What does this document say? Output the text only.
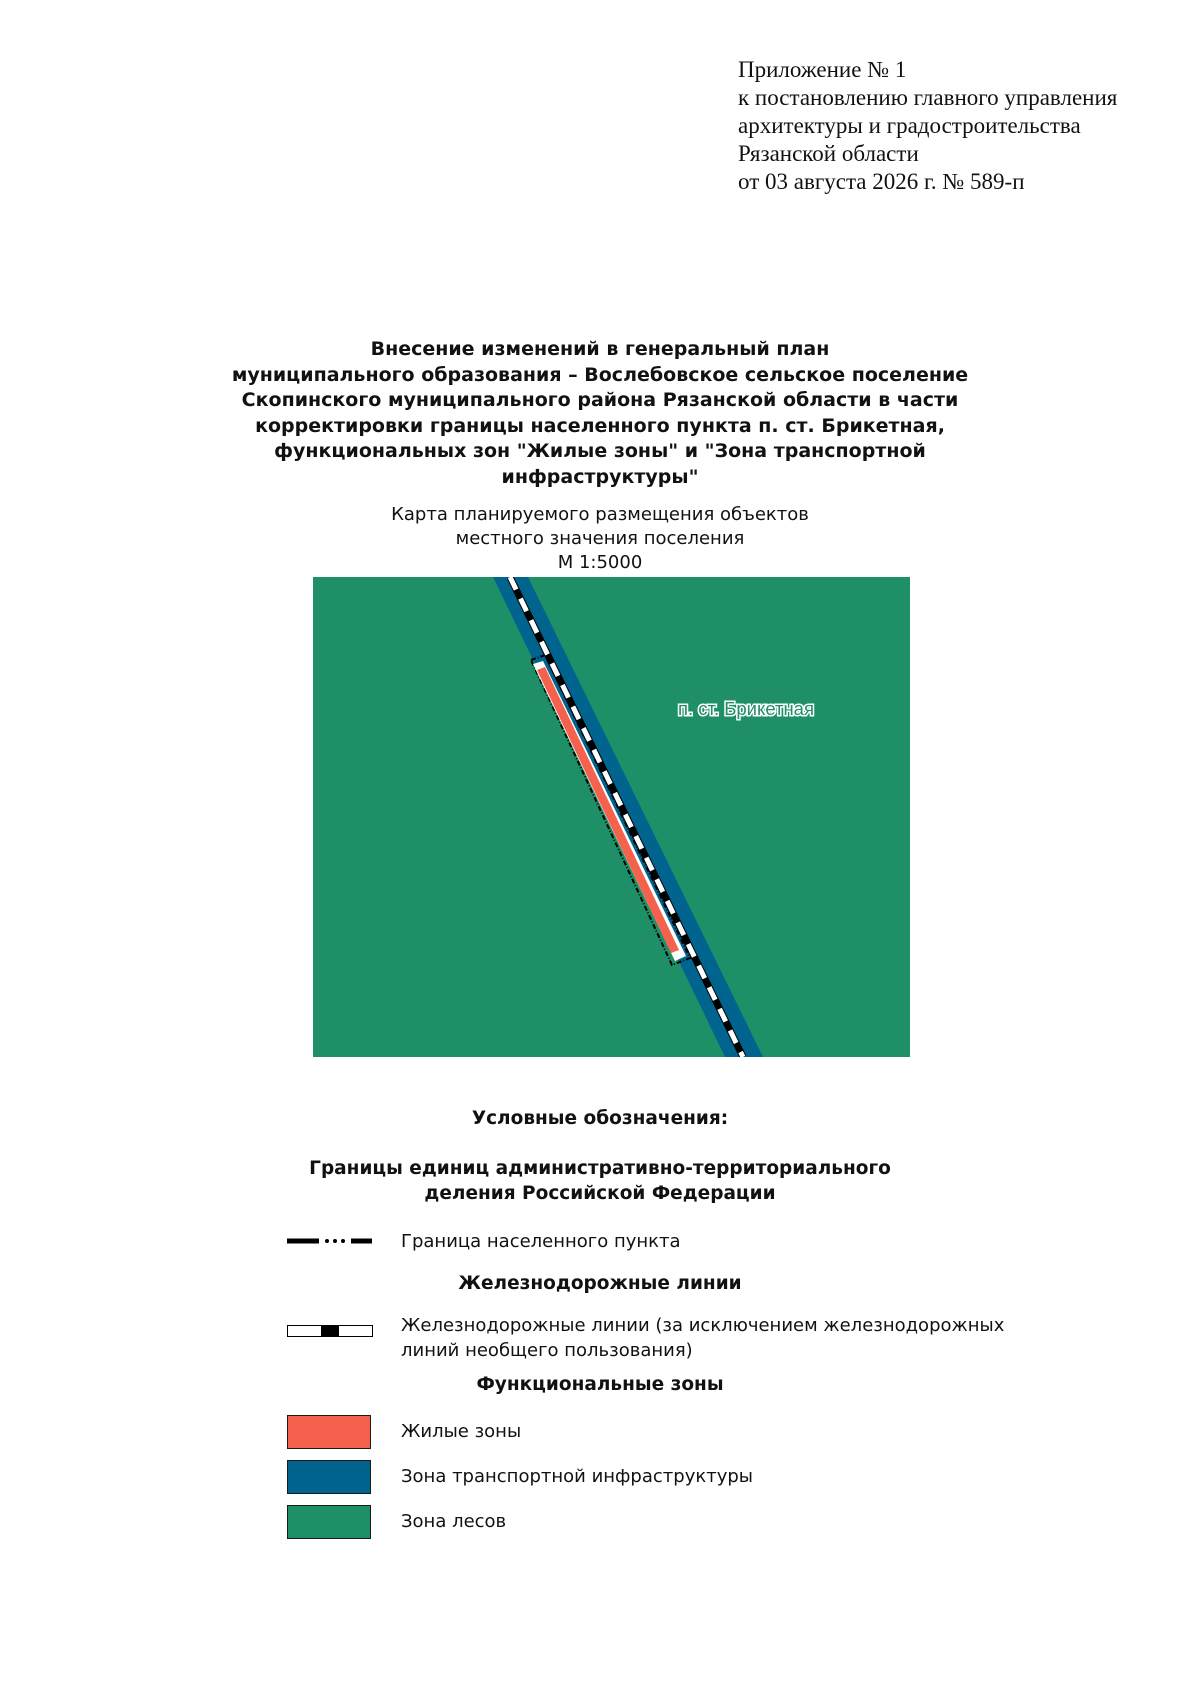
Приложение № 1
к постановлению главного управления
архитектуры и градостроительства
Рязанской области
от 03 августа 2026 г. № 589-п
Внесение изменений в генеральный план
муниципального образования – Вослебовское сельское поселение
Скопинского муниципального района Рязанской области в части
корректировки границы населенного пункта п. ст. Брикетная,
функциональных зон "Жилые зоны" и "Зона транспортной
инфраструктуры"
Карта планируемого размещения объектов
местного значения поселения
М 1:5000
п. ст. Брикетная
Условные обозначения:
Границы единиц административно-территориального
деления Российской Федерации
Граница населенного пункта
Железнодорожные линии
Железнодорожные линии (за исключением железнодорожных
линий необщего пользования)
Функциональные зоны
Жилые зоны
Зона транспортной инфраструктуры
Зона лесов
